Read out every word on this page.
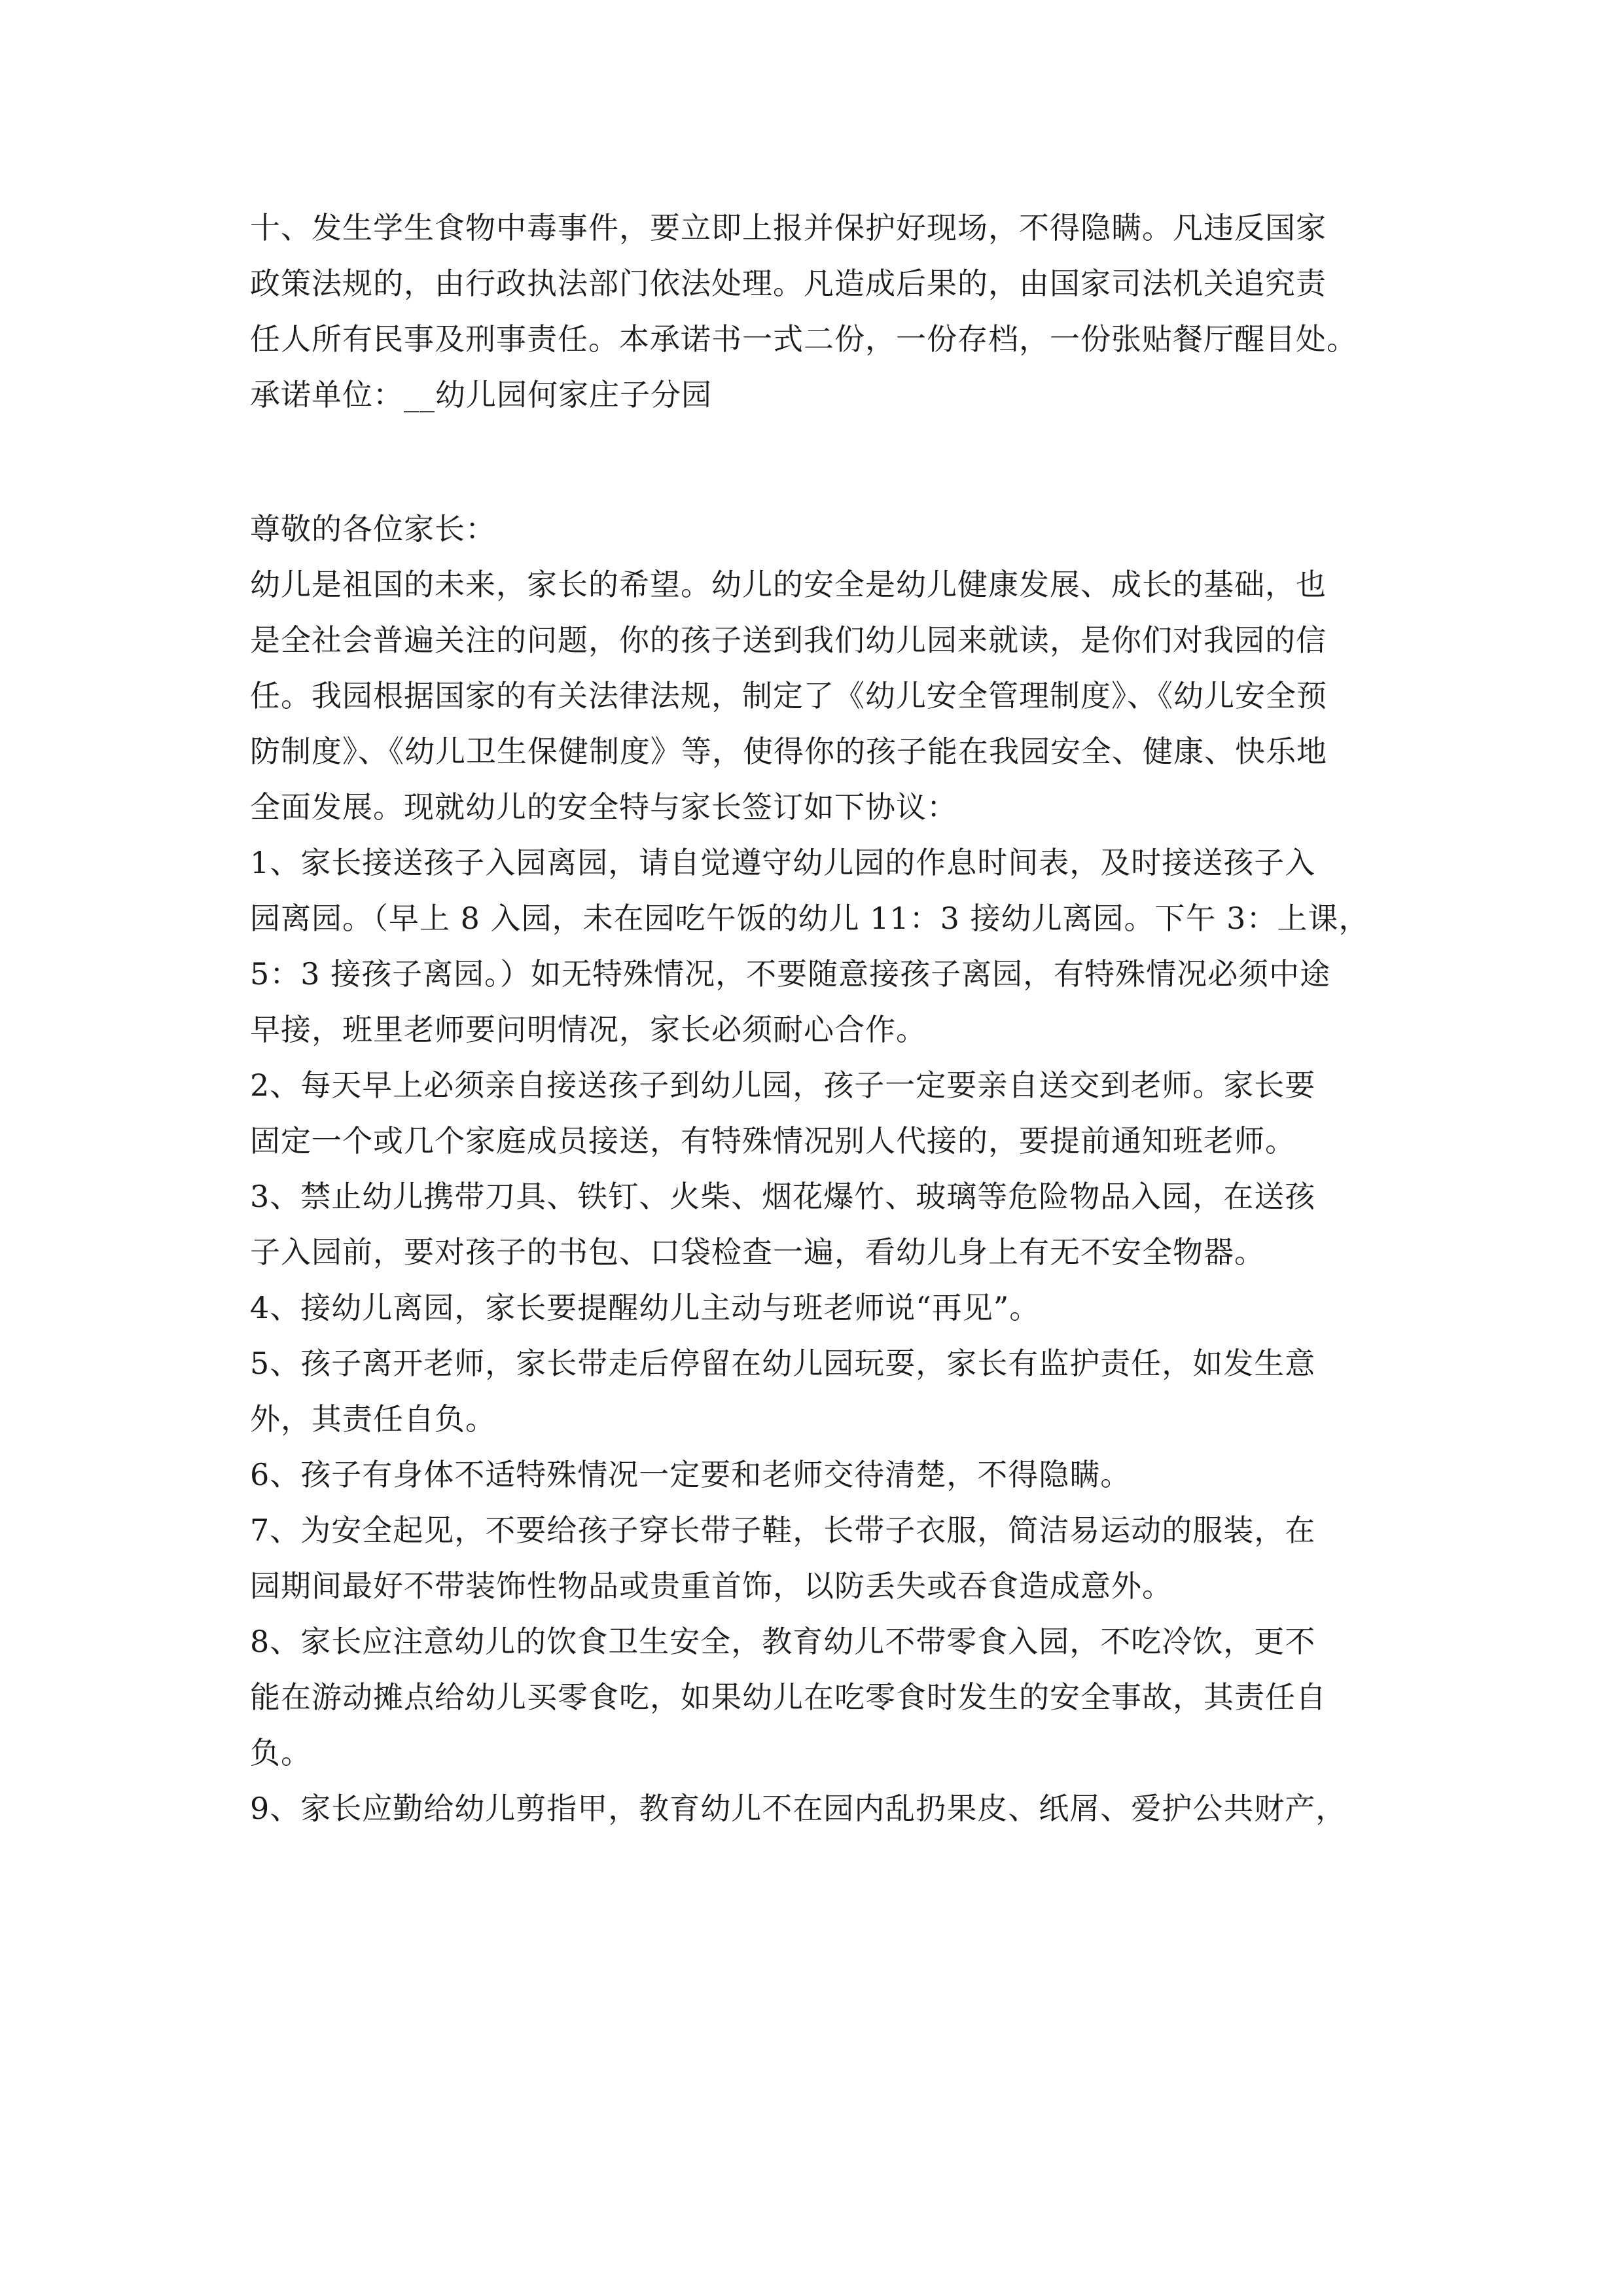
十、发生学生食物中毒事件，要立即上报并保护好现场，不得隐瞒。凡违反国家
政策法规的，由行政执法部门依法处理。凡造成后果的，由国家司法机关追究责
任人所有民事及刑事责任。本承诺书一式二份，一份存档，一份张贴餐厅醒目处。
承诺单位：__幼儿园何家庄子分园
尊敬的各位家长：
幼儿是祖国的未来，家长的希望。幼儿的安全是幼儿健康发展、成长的基础，也
是全社会普遍关注的问题，你的孩子送到我们幼儿园来就读，是你们对我园的信
任。我园根据国家的有关法律法规，制定了《幼儿安全管理制度》、《幼儿安全预
防制度》、《幼儿卫生保健制度》等，使得你的孩子能在我园安全、健康、快乐地
全面发展。现就幼儿的安全特与家长签订如下协议：
1、家长接送孩子入园离园，请自觉遵守幼儿园的作息时间表，及时接送孩子入
园离园。（早上 8 入园，未在园吃午饭的幼儿 11：3 接幼儿离园。下午 3：上课，
5：3 接孩子离园。）如无特殊情况，不要随意接孩子离园，有特殊情况必须中途
早接，班里老师要问明情况，家长必须耐心合作。
2、每天早上必须亲自接送孩子到幼儿园，孩子一定要亲自送交到老师。家长要
固定一个或几个家庭成员接送，有特殊情况别人代接的，要提前通知班老师。
3、禁止幼儿携带刀具、铁钉、火柴、烟花爆竹、玻璃等危险物品入园，在送孩
子入园前，要对孩子的书包、口袋检查一遍，看幼儿身上有无不安全物器。
4、接幼儿离园，家长要提醒幼儿主动与班老师说“再见”。
5、孩子离开老师，家长带走后停留在幼儿园玩耍，家长有监护责任，如发生意
外，其责任自负。
6、孩子有身体不适特殊情况一定要和老师交待清楚，不得隐瞒。
7、为安全起见，不要给孩子穿长带子鞋，长带子衣服，简洁易运动的服装，在
园期间最好不带装饰性物品或贵重首饰，以防丢失或吞食造成意外。
8、家长应注意幼儿的饮食卫生安全，教育幼儿不带零食入园，不吃冷饮，更不
能在游动摊点给幼儿买零食吃，如果幼儿在吃零食时发生的安全事故，其责任自
负。
9、家长应勤给幼儿剪指甲，教育幼儿不在园内乱扔果皮、纸屑、爱护公共财产，
